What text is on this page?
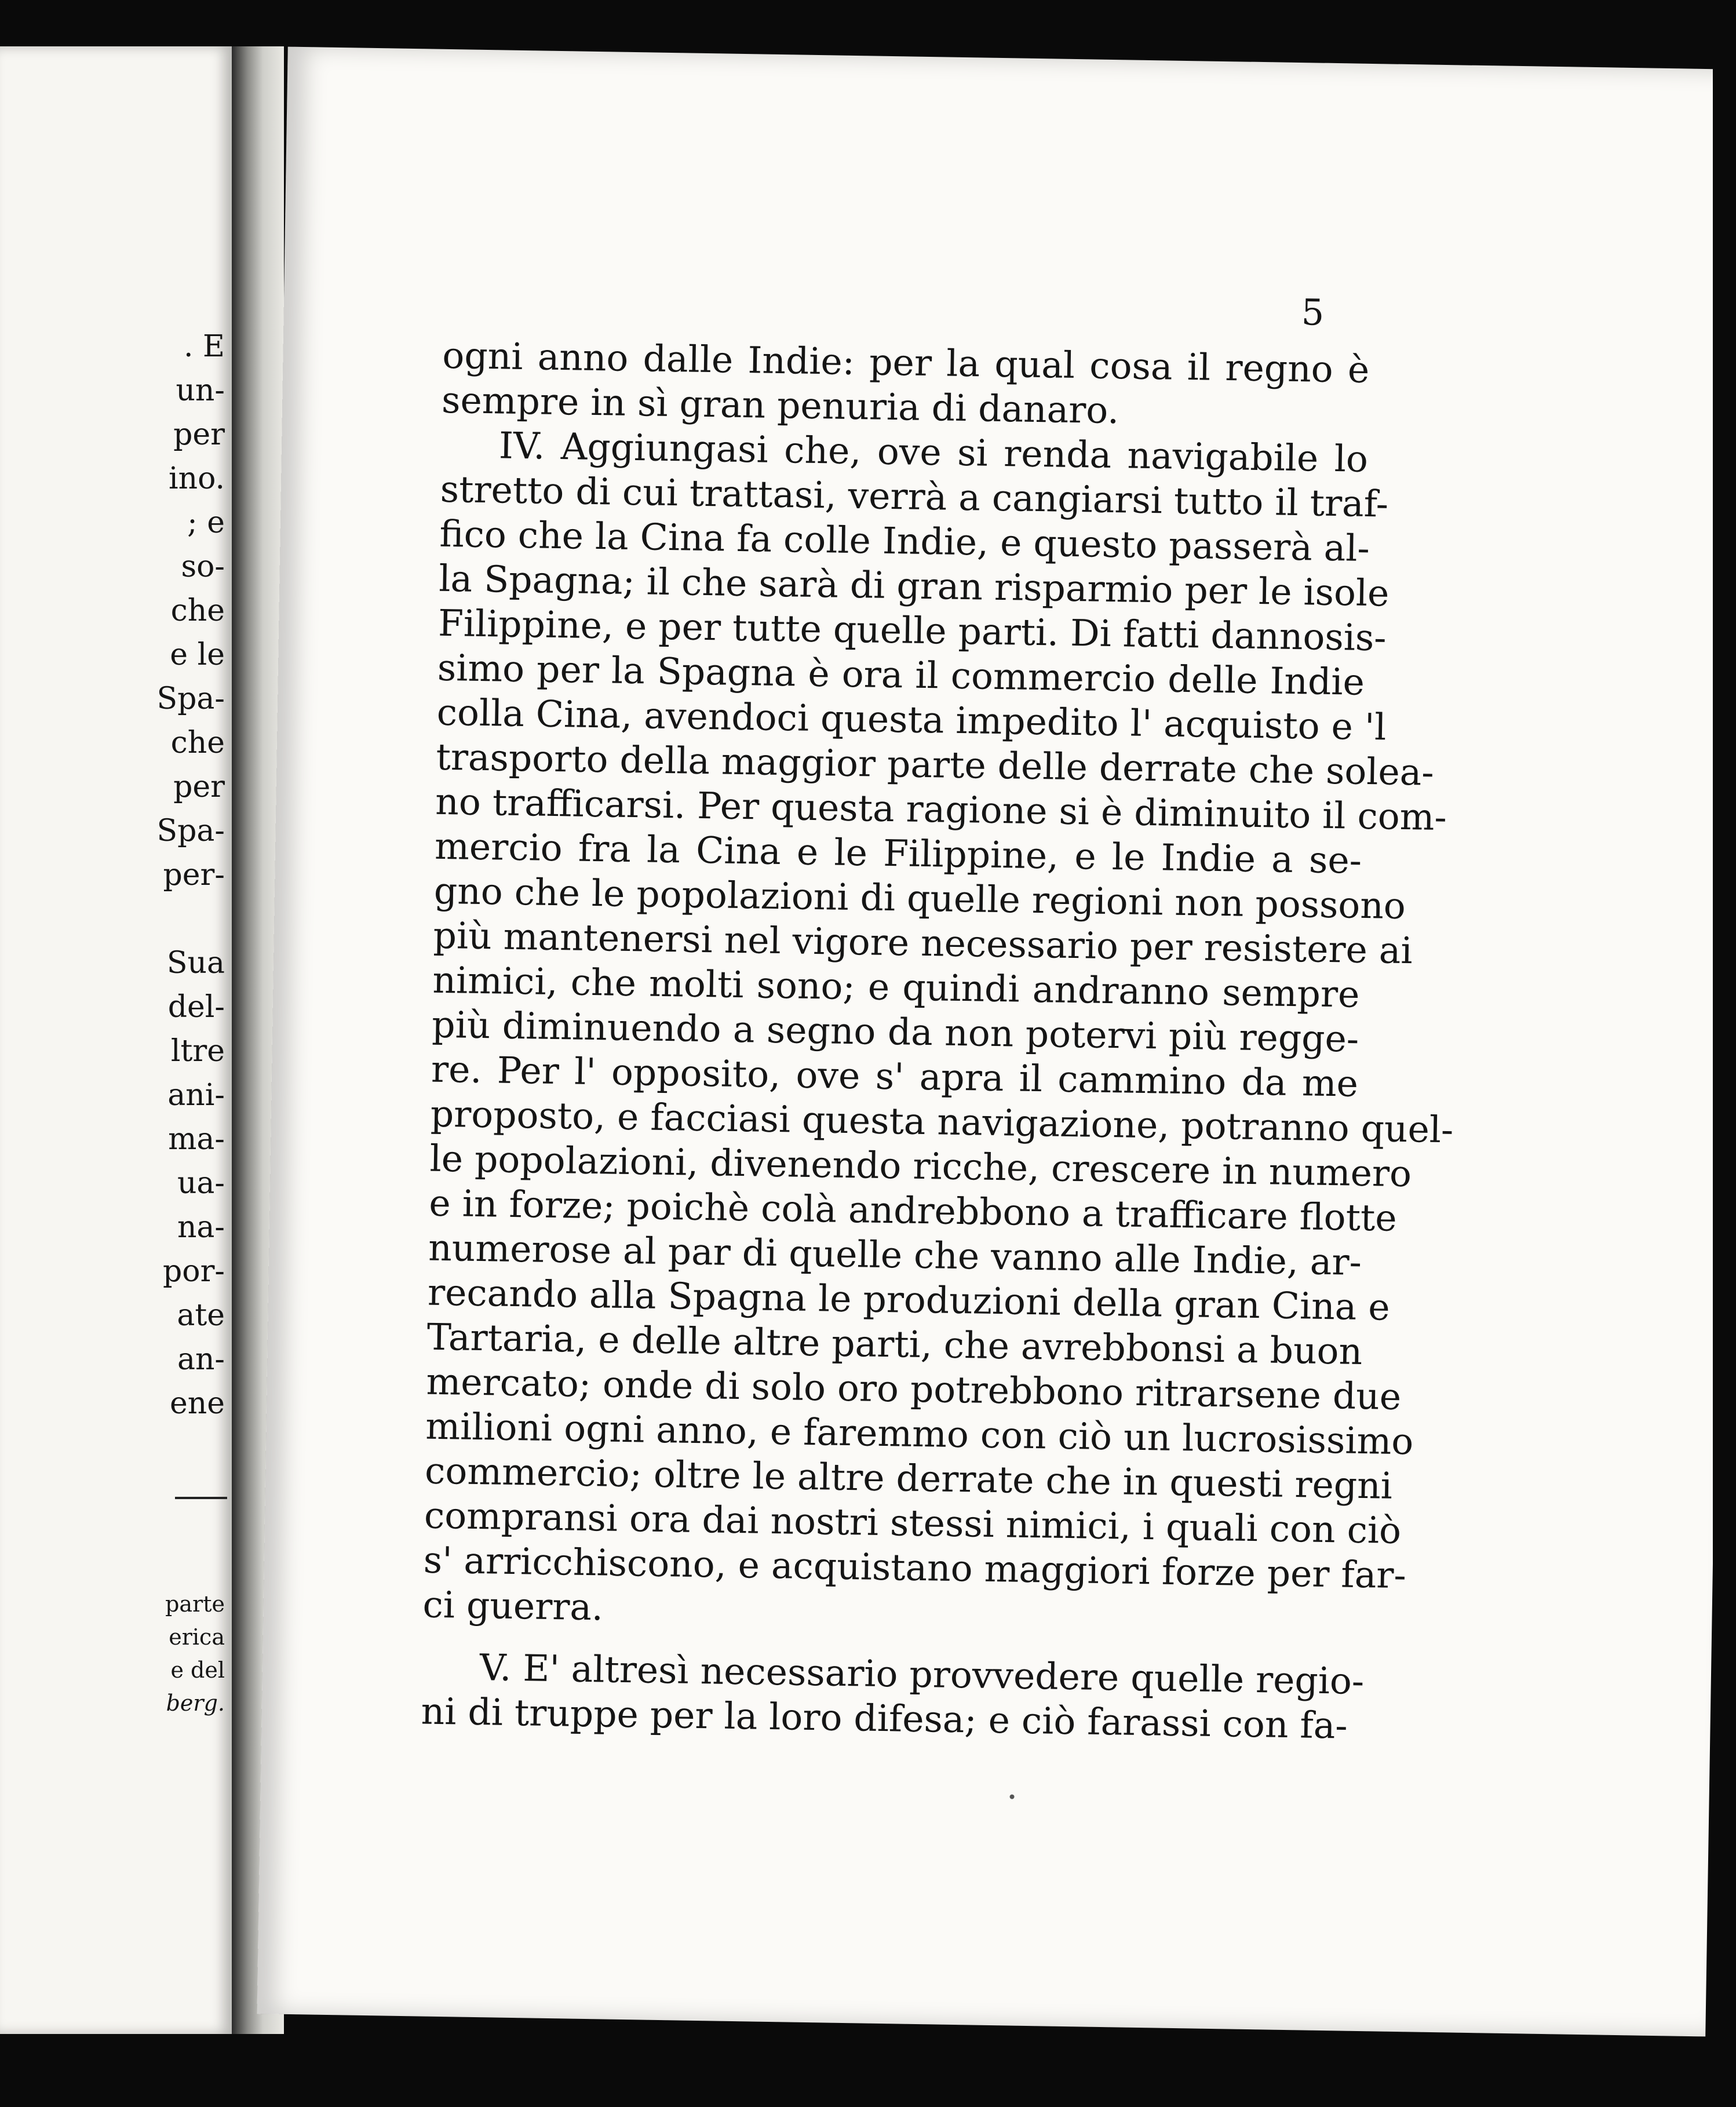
. E
un-
per
ino.
; e
so-
che
e le
Spa-
che
per
Spa-
per-
Sua
del-
ltre
ani-
ma-
ua-
na-
por-
ate
an-
ene
parte
erica
e del
berg.
5
ogni anno dalle Indie: per la qual cosa il regno è
sempre in sì gran penuria di danaro.
IV. Aggiungasi che, ove si renda navigabile lo
stretto di cui trattasi, verrà a cangiarsi tutto il traf-
fico che la Cina fa colle Indie, e questo passerà al-
la Spagna; il che sarà di gran risparmio per le isole
Filippine, e per tutte quelle parti. Di fatti dannosis-
simo per la Spagna è ora il commercio delle Indie
colla Cina, avendoci questa impedito l' acquisto e 'l
trasporto della maggior parte delle derrate che solea-
no trafficarsi. Per questa ragione si è diminuito il com-
mercio fra la Cina e le Filippine, e le Indie a se-
gno che le popolazioni di quelle regioni non possono
più mantenersi nel vigore necessario per resistere ai
nimici, che molti sono; e quindi andranno sempre
più diminuendo a segno da non potervi più regge-
re. Per l' opposito, ove s' apra il cammino da me
proposto, e facciasi questa navigazione, potranno quel-
le popolazioni, divenendo ricche, crescere in numero
e in forze; poichè colà andrebbono a trafficare flotte
numerose al par di quelle che vanno alle Indie, ar-
recando alla Spagna le produzioni della gran Cina e
Tartaria, e delle altre parti, che avrebbonsi a buon
mercato; onde di solo oro potrebbono ritrarsene due
milioni ogni anno, e faremmo con ciò un lucrosissimo
commercio; oltre le altre derrate che in questi regni
compransi ora dai nostri stessi nimici, i quali con ciò
s' arricchiscono, e acquistano maggiori forze per far-
ci guerra.
V. E' altresì necessario provvedere quelle regio-
ni di truppe per la loro difesa; e ciò farassi con fa-
